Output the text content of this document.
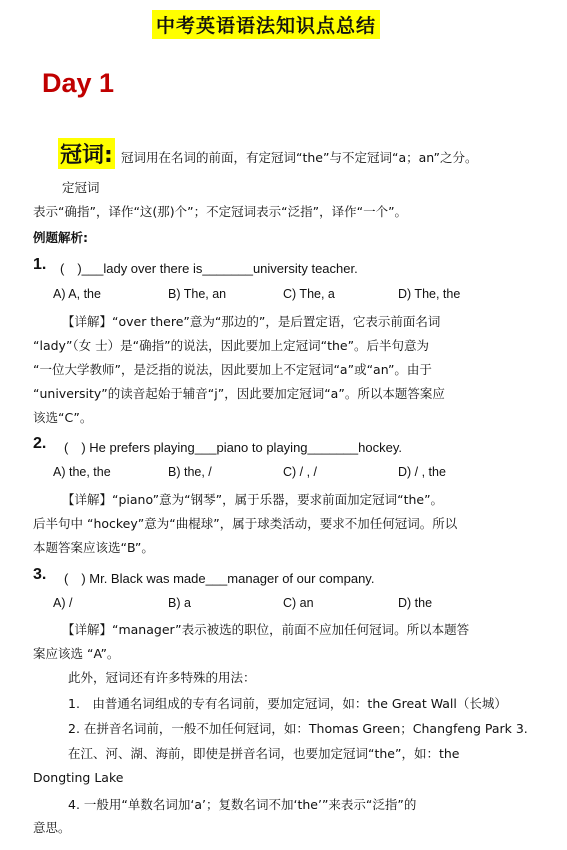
中考英语语法知识点总结
Day 1
冠词: 冠词用在名词的前面，有定冠词“the”与不定冠词“a；an”之分。
定冠词
表示“确指”，译作“这(那)个”；不定冠词表示“泛指”，译作“一个”。
例题解析:
1. (　)___lady over there is_______university teacher.
A) A, the	B) The, an	C) The, a	D) The, the
【详解】“over there”意为“那边的”，是后置定语，它表示前面名词
“lady”（女 士）是“确指”的说法，因此要加上定冠词“the”。后半句意为
“一位大学教师”，是泛指的说法，因此要加上不定冠词“a”或“an”。由于
“university”的读音起始于辅音“j”，因此要加定冠词“a”。所以本题答案应
该选“C”。
2. (　) He prefers playing___piano to playing_______hockey.
A) the, the	B) the, /	C) / , /	D) / , the
【详解】“piano”意为“钢琴”，属于乐器，要求前面加定冠词“the”。
后半句中 “hockey”意为“曲棍球”，属于球类活动，要求不加任何冠词。所以
本题答案应该选“B”。
3. (　) Mr. Black was made___manager of our company.
A) /	B) a	C) an	D) the
【详解】“manager”表示被选的职位，前面不应加任何冠词。所以本题答
案应该选 “A”。
此外，冠词还有许多特殊的用法：
1.　由普通名词组成的专有名词前，要加定冠词，如：the Great Wall（长城）
2. 在拼音名词前，一般不加任何冠词，如：Thomas Green；Changfeng Park 3.
在江、河、湖、海前，即使是拼音名词，也要加定冠词“the”，如：the
Dongting Lake
4. 一般用“单数名词加‘a’；复数名词不加‘the’”来表示“泛指”的
意思。
